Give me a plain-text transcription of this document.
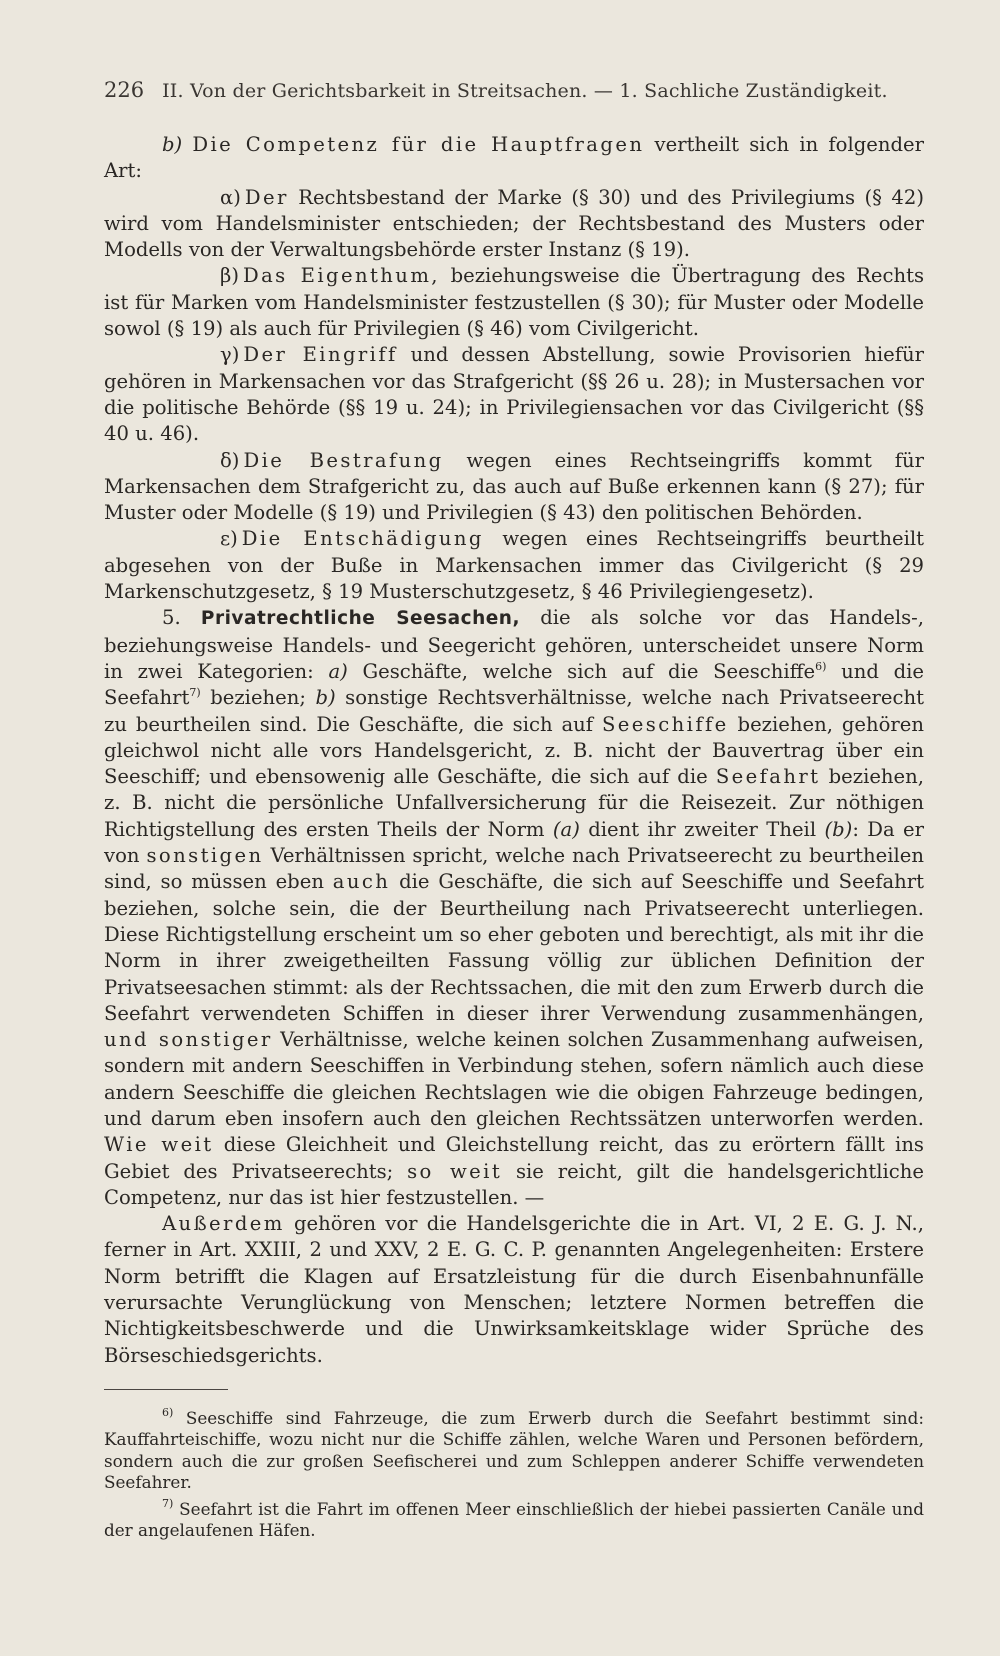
226 II. Von der Gerichtsbarkeit in Streitsachen. — 1. Sachliche Zuständigkeit.

b) Die Competenz für die Hauptfragen vertheilt sich in folgender Art:

α) Der Rechtsbestand der Marke (§ 30) und des Privilegiums (§ 42) wird vom Handelsminister entschieden; der Rechtsbestand des Musters oder Modells von der Verwaltungsbehörde erster Instanz (§ 19).

β) Das Eigenthum, beziehungsweise die Übertragung des Rechts ist für Marken vom Handelsminister festzustellen (§ 30); für Muster oder Modelle sowol (§ 19) als auch für Privilegien (§ 46) vom Civilgericht.

γ) Der Eingriff und dessen Abstellung, sowie Provisorien hiefür gehören in Markensachen vor das Strafgericht (§§ 26 u. 28); in Mustersachen vor die politische Behörde (§§ 19 u. 24); in Privilegiensachen vor das Civilgericht (§§ 40 u. 46).

δ) Die Bestrafung wegen eines Rechtseingriffs kommt für Markensachen dem Strafgericht zu, das auch auf Buße erkennen kann (§ 27); für Muster oder Modelle (§ 19) und Privilegien (§ 43) den politischen Behörden.

ε) Die Entschädigung wegen eines Rechtseingriffs beurtheilt abgesehen von der Buße in Markensachen immer das Civilgericht (§ 29 Markenschutzgesetz, § 19 Musterschutzgesetz, § 46 Privilegiengesetz).

5. Privatrechtliche Seesachen, die als solche vor das Handels-, beziehungsweise Handels- und Seegericht gehören, unterscheidet unsere Norm in zwei Kategorien: a) Geschäfte, welche sich auf die Seeschiffe$^{6)}$ und die Seefahrt$^{7)}$ beziehen; b) sonstige Rechtsverhältnisse, welche nach Privatseerecht zu beurtheilen sind. Die Geschäfte, die sich auf Seeschiffe beziehen, gehören gleichwol nicht alle vors Handelsgericht, z. B. nicht der Bauvertrag über ein Seeschiff; und ebensowenig alle Geschäfte, die sich auf die Seefahrt beziehen, z. B. nicht die persönliche Unfallversicherung für die Reisezeit. Zur nöthigen Richtigstellung des ersten Theils der Norm (a) dient ihr zweiter Theil (b): Da er von sonstigen Verhältnissen spricht, welche nach Privatseerecht zu beurtheilen sind, so müssen eben auch die Geschäfte, die sich auf Seeschiffe und Seefahrt beziehen, solche sein, die der Beurtheilung nach Privatseerecht unterliegen. Diese Richtigstellung erscheint um so eher geboten und berechtigt, als mit ihr die Norm in ihrer zweigetheilten Fassung völlig zur üblichen Definition der Privatseesachen stimmt: als der Rechtssachen, die mit den zum Erwerb durch die Seefahrt verwendeten Schiffen in dieser ihrer Verwendung zusammenhängen, und sonstiger Verhältnisse, welche keinen solchen Zusammenhang aufweisen, sondern mit andern Seeschiffen in Verbindung stehen, sofern nämlich auch diese andern Seeschiffe die gleichen Rechtslagen wie die obigen Fahrzeuge bedingen, und darum eben insofern auch den gleichen Rechtssätzen unterworfen werden. Wie weit diese Gleichheit und Gleichstellung reicht, das zu erörtern fällt ins Gebiet des Privatseerechts; so weit sie reicht, gilt die handelsgerichtliche Competenz, nur das ist hier festzustellen. —

Außerdem gehören vor die Handelsgerichte die in Art. VI, 2 E. G. J. N., ferner in Art. XXIII, 2 und XXV, 2 E. G. C. P. genannten Angelegenheiten: Erstere Norm betrifft die Klagen auf Ersatzleistung für die durch Eisenbahnunfälle verursachte Verunglückung von Menschen; letztere Normen betreffen die Nichtigkeitsbeschwerde und die Unwirksamkeitsklage wider Sprüche des Börseschiedsgerichts.

$^{6)}$ Seeschiffe sind Fahrzeuge, die zum Erwerb durch die Seefahrt bestimmt sind: Kauffahrteischiffe, wozu nicht nur die Schiffe zählen, welche Waren und Personen befördern, sondern auch die zur großen Seefischerei und zum Schleppen anderer Schiffe verwendeten Seefahrer.

$^{7)}$ Seefahrt ist die Fahrt im offenen Meer einschließlich der hiebei passierten Canäle und der angelaufenen Häfen.
